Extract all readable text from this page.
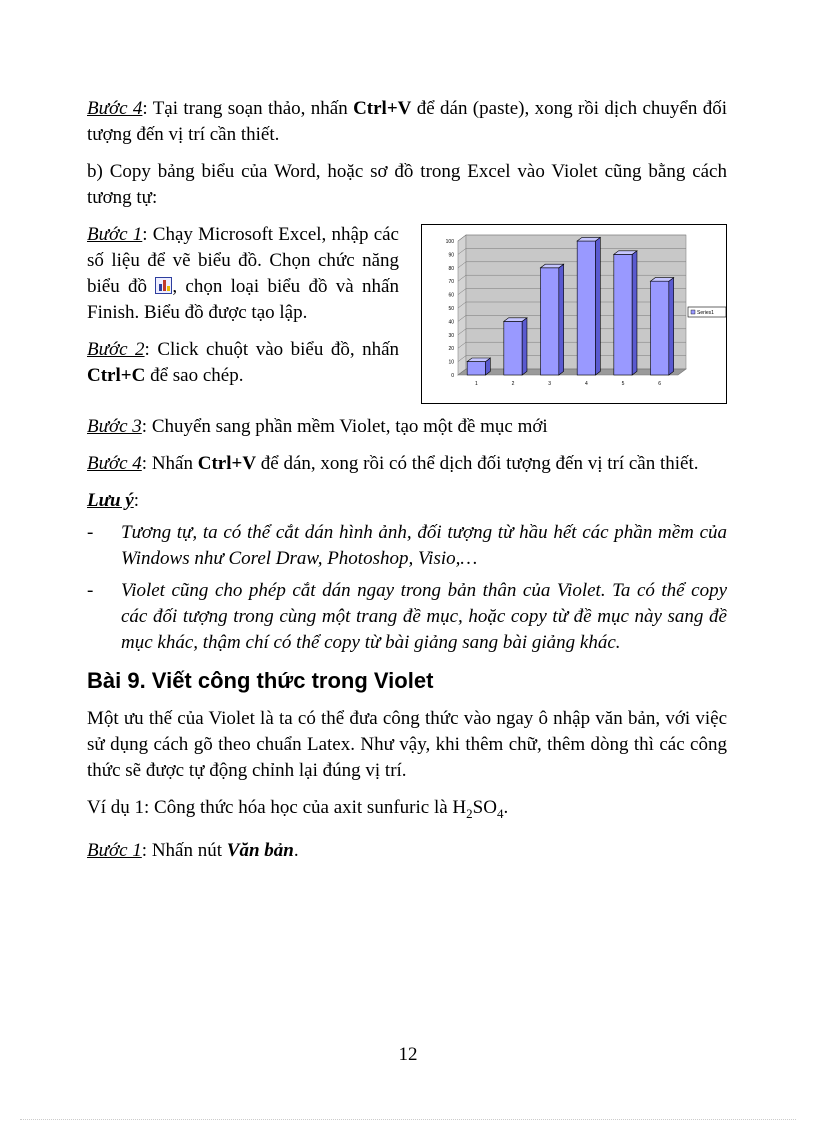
Bước 4: Tại trang soạn thảo, nhấn Ctrl+V để dán (paste), xong rồi dịch chuyển đối tượng đến vị trí cần thiết.

b) Copy bảng biểu của Word, hoặc sơ đồ trong Excel vào Violet cũng bằng cách tương tự:

Bước 1: Chạy Microsoft Excel, nhập các số liệu để vẽ biểu đồ. Chọn chức năng biểu đồ
, chọn loại biểu đồ và nhấn Finish. Biểu đồ được tạo lập.

Bước 2: Click chuột vào biểu đồ, nhấn Ctrl+C để sao chép.	0
10
20
30
40
50
60
70
80
90
100
1	2	3	4	5	6
Series1

Bước 3: Chuyển sang phần mềm Violet, tạo một đề mục mới

Bước 4: Nhấn Ctrl+V để dán, xong rồi có thể dịch đối tượng đến vị trí cần thiết.

Lưu ý:

- Tương tự, ta có thể cắt dán hình ảnh, đối tượng từ hầu hết các phần mềm của Windows như Corel Draw, Photoshop, Visio,…
- Violet cũng cho phép cắt dán ngay trong bản thân của Violet. Ta có thể copy các đối tượng trong cùng một trang đề mục, hoặc copy từ đề mục này sang đề mục khác, thậm chí có thể copy từ bài giảng sang bài giảng khác.
Bài 9. Viết công thức trong Violet

Một ưu thế của Violet là ta có thể đưa công thức vào ngay ô nhập văn bản, với việc sử dụng cách gõ theo chuẩn Latex. Như vậy, khi thêm chữ, thêm dòng thì các công thức sẽ được tự động chỉnh lại đúng vị trí.

Ví dụ 1: Công thức hóa học của axit sunfuric là $H_2SO_4$.

Bước 1: Nhấn nút Văn bản.

12
